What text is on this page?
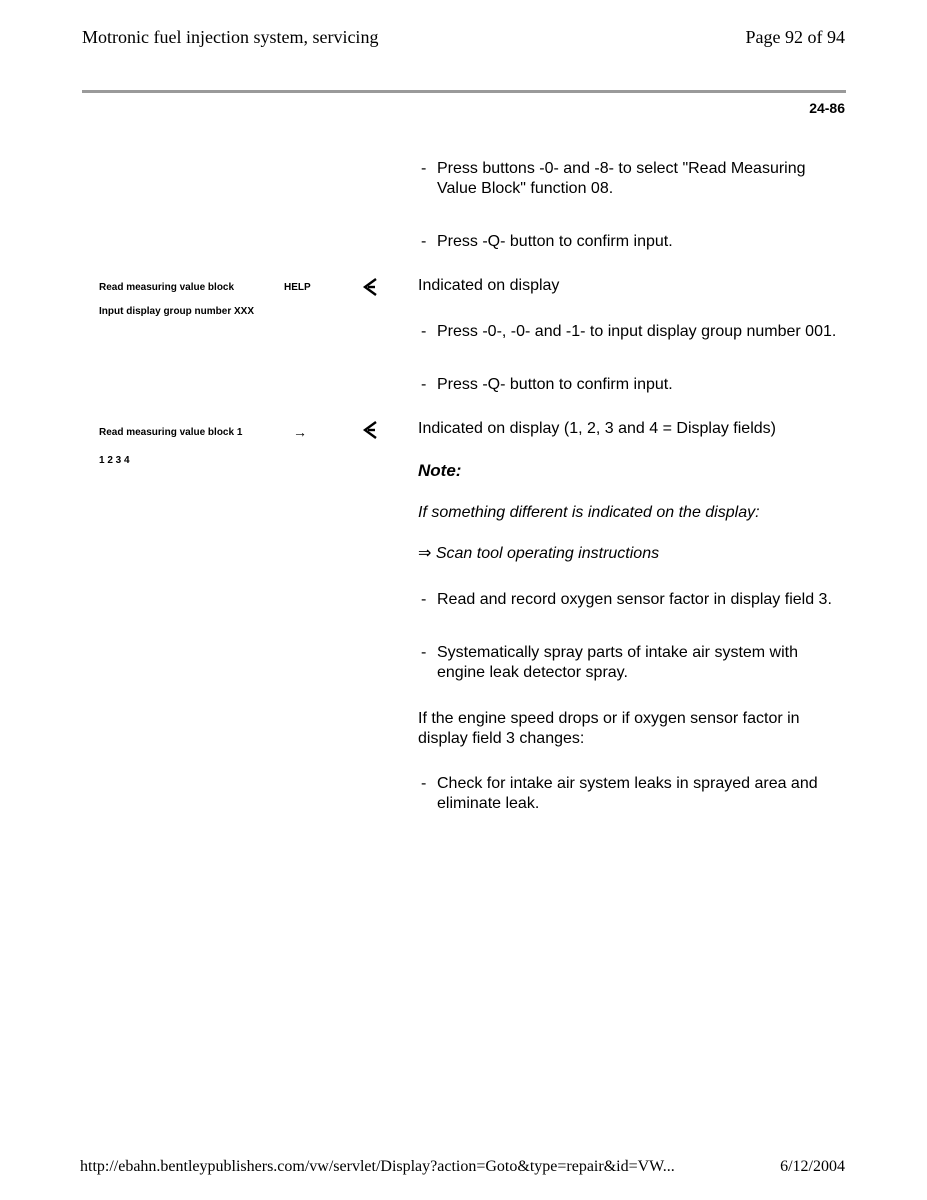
Motronic fuel injection system, servicing	Page 92 of 94
24-86
- Press buttons -0- and -8- to select "Read Measuring Value Block" function 08.
- Press -Q- button to confirm input.
Read measuring value block	HELP
Input display group number XXX
Indicated on display
- Press -0-, -0- and -1- to input display group number 001.
- Press -Q- button to confirm input.
Read measuring value block 1	→
1 2 3 4
Indicated on display (1, 2, 3 and 4 = Display fields)
Note:
If something different is indicated on the display:
⇒ Scan tool operating instructions
- Read and record oxygen sensor factor in display field 3.
- Systematically spray parts of intake air system with engine leak detector spray.
If the engine speed drops or if oxygen sensor factor in display field 3 changes:
- Check for intake air system leaks in sprayed area and eliminate leak.
http://ebahn.bentleypublishers.com/vw/servlet/Display?action=Goto&type=repair&id=VW...	6/12/2004
